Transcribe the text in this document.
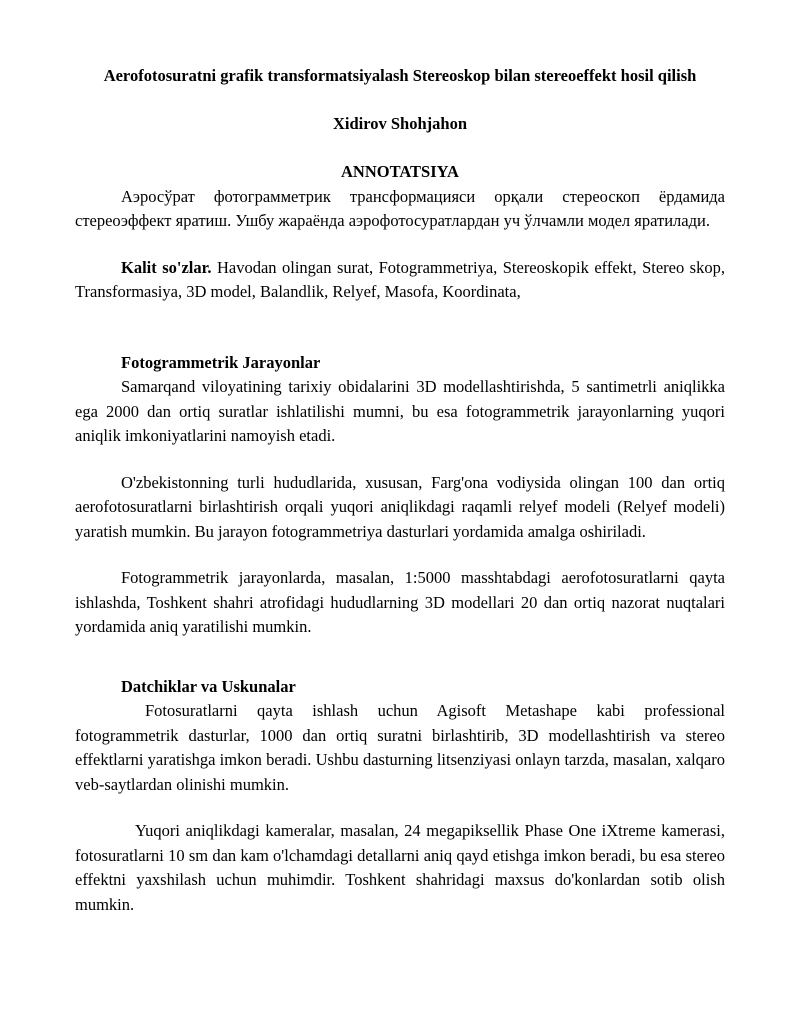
Aerofotosuratni grafik transformatsiyalash Stereoskop bilan stereoeffekt hosil qilish
Xidirov Shohjahon
ANNOTATSIYA

Аэросўрат фотограмметрик трансформацияси орқали стереоскоп ёрдамида стереоэффект яратиш. Ушбу жараёнда аэрофотосуратлардан уч ўлчамли модел яратилади.

Kalit so'zlar. Havodan olingan surat, Fotogrammetriya, Stereoskopik effekt, Stereo skop, Transformasiya, 3D model, Balandlik, Relyef, Masofa, Koordinata,

Fotogrammetrik Jarayonlar

Samarqand viloyatining tarixiy obidalarini 3D modellashtirishda, 5 santimetrli aniqlikka ega 2000 dan ortiq suratlar ishlatilishi mumni, bu esa fotogrammetrik jarayonlarning yuqori aniqlik imkoniyatlarini namoyish etadi.

O'zbekistonning turli hududlarida, xususan, Farg'ona vodiysida olingan 100 dan ortiq aerofotosuratlarni birlashtirish orqali yuqori aniqlikdagi raqamli relyef modeli (Relyef modeli) yaratish mumkin. Bu jarayon fotogrammetriya dasturlari yordamida amalga oshiriladi.

Fotogrammetrik jarayonlarda, masalan, 1:5000 masshtabdagi aerofotosuratlarni qayta ishlashda, Toshkent shahri atrofidagi hududlarning 3D modellari 20 dan ortiq nazorat nuqtalari yordamida aniq yaratilishi mumkin.

Datchiklar va Uskunalar

Fotosuratlarni qayta ishlash uchun Agisoft Metashape kabi professional fotogrammetrik dasturlar, 1000 dan ortiq suratni birlashtirib, 3D modellashtirish va stereo effektlarni yaratishga imkon beradi. Ushbu dasturning litsenziyasi onlayn tarzda, masalan, xalqaro veb-saytlardan olinishi mumkin.

Yuqori aniqlikdagi kameralar, masalan, 24 megapiksellik Phase One iXtreme kamerasi, fotosuratlarni 10 sm dan kam o'lchamdagi detallarni aniq qayd etishga imkon beradi, bu esa stereo effektni yaxshilash uchun muhimdir. Toshkent shahridagi maxsus do'konlardan sotib olish mumkin.
